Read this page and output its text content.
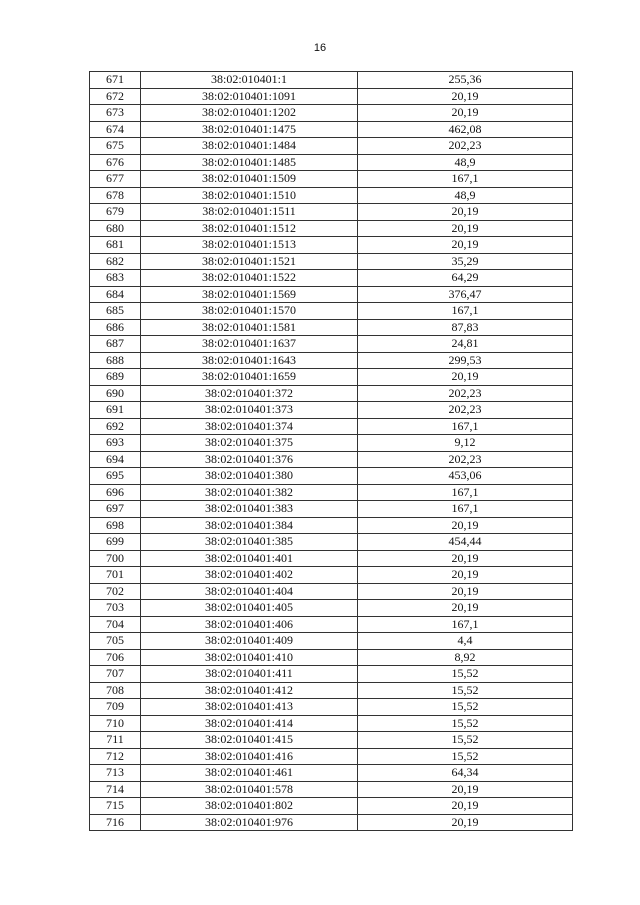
16
671	38:02:010401:1	255,36
672	38:02:010401:1091	20,19
673	38:02:010401:1202	20,19
674	38:02:010401:1475	462,08
675	38:02:010401:1484	202,23
676	38:02:010401:1485	48,9
677	38:02:010401:1509	167,1
678	38:02:010401:1510	48,9
679	38:02:010401:1511	20,19
680	38:02:010401:1512	20,19
681	38:02:010401:1513	20,19
682	38:02:010401:1521	35,29
683	38:02:010401:1522	64,29
684	38:02:010401:1569	376,47
685	38:02:010401:1570	167,1
686	38:02:010401:1581	87,83
687	38:02:010401:1637	24,81
688	38:02:010401:1643	299,53
689	38:02:010401:1659	20,19
690	38:02:010401:372	202,23
691	38:02:010401:373	202,23
692	38:02:010401:374	167,1
693	38:02:010401:375	9,12
694	38:02:010401:376	202,23
695	38:02:010401:380	453,06
696	38:02:010401:382	167,1
697	38:02:010401:383	167,1
698	38:02:010401:384	20,19
699	38:02:010401:385	454,44
700	38:02:010401:401	20,19
701	38:02:010401:402	20,19
702	38:02:010401:404	20,19
703	38:02:010401:405	20,19
704	38:02:010401:406	167,1
705	38:02:010401:409	4,4
706	38:02:010401:410	8,92
707	38:02:010401:411	15,52
708	38:02:010401:412	15,52
709	38:02:010401:413	15,52
710	38:02:010401:414	15,52
711	38:02:010401:415	15,52
712	38:02:010401:416	15,52
713	38:02:010401:461	64,34
714	38:02:010401:578	20,19
715	38:02:010401:802	20,19
716	38:02:010401:976	20,19
